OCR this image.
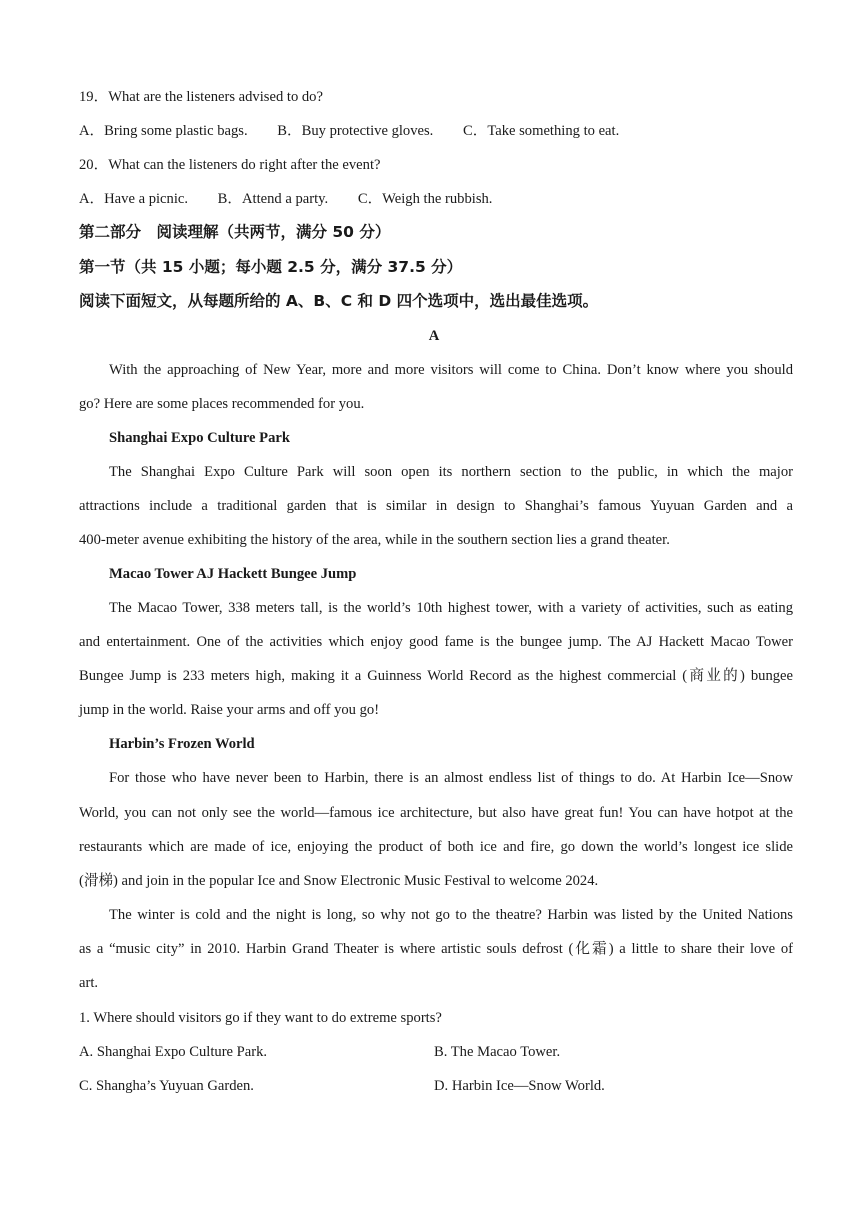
19．What are the listeners advised to do?
A．Bring some plastic bags. B．Buy protective gloves. C．Take something to eat.
20．What can the listeners do right after the event?
A．Have a picnic. B．Attend a party. C．Weigh the rubbish.
第二部分　阅读理解（共两节，满分 50 分）
第一节（共 15 小题；每小题 2.5 分，满分 37.5 分）
阅读下面短文，从每题所给的 A、B、C 和 D 四个选项中，选出最佳选项。
A
With the approaching of New Year, more and more visitors will come to China. Don’t know where you should
go? Here are some places recommended for you.
Shanghai Expo Culture Park
The Shanghai Expo Culture Park will soon open its northern section to the public, in which the major
attractions include a traditional garden that is similar in design to Shanghai’s famous Yuyuan Garden and a
400-meter avenue exhibiting the history of the area, while in the southern section lies a grand theater.
Macao Tower AJ Hackett Bungee Jump
The Macao Tower, 338 meters tall, is the world’s 10th highest tower, with a variety of activities, such as eating
and entertainment. One of the activities which enjoy good fame is the bungee jump. The AJ Hackett Macao Tower
Bungee Jump is 233 meters high, making it a Guinness World Record as the highest commercial (商业的) bungee
jump in the world. Raise your arms and off you go!
Harbin’s Frozen World
For those who have never been to Harbin, there is an almost endless list of things to do. At Harbin Ice—Snow
World, you can not only see the world—famous ice architecture, but also have great fun! You can have hotpot at the
restaurants which are made of ice, enjoying the product of both ice and fire, go down the world’s longest ice slide
(滑梯) and join in the popular Ice and Snow Electronic Music Festival to welcome 2024.
The winter is cold and the night is long, so why not go to the theatre? Harbin was listed by the United Nations
as a “music city” in 2010. Harbin Grand Theater is where artistic souls defrost (化霜) a little to share their love of
art.
1. Where should visitors go if they want to do extreme sports?
A. Shanghai Expo Culture Park.	B. The Macao Tower.
C. Shangha’s Yuyuan Garden.	D. Harbin Ice—Snow World.
